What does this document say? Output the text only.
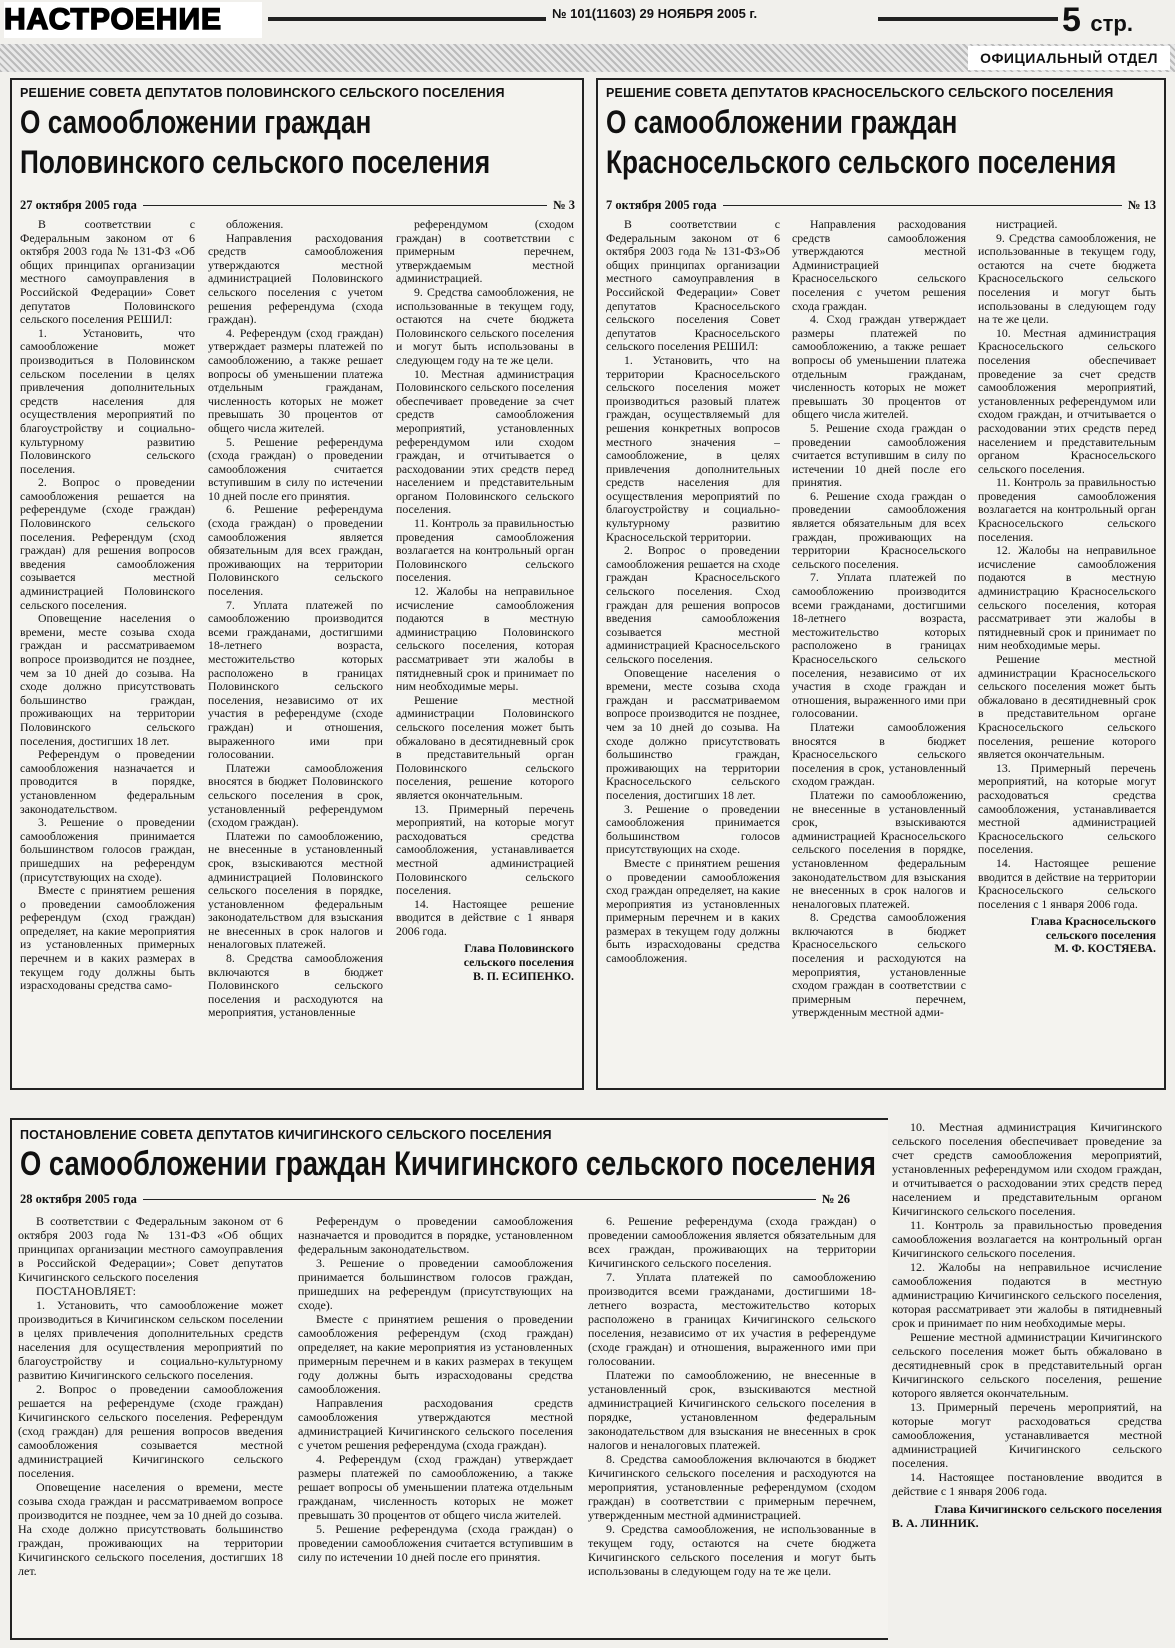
НАСТРОЕНИЕ	№ 101(11603) 29 НОЯБРЯ 2005 г.	5 стр.
ОФИЦИАЛЬНЫЙ ОТДЕЛ
РЕШЕНИЕ СОВЕТА ДЕПУТАТОВ ПОЛОВИНСКОГО СЕЛЬСКОГО ПОСЕЛЕНИЯ
О самообложении граждан
Половинского сельского поселения
27 октября 2005 года	№ 3

В соответствии с Федеральным законом от 6 октября 2003 года № 131-ФЗ «Об общих принципах организации местного самоуправления в Российской Федерации» Совет депутатов Половинского сельского поселения РЕШИЛ:

1. Установить, что самообложение может производиться в Половинском сельском поселении в целях привлечения дополнительных средств населения для осуществления мероприятий по благоустройству и социально-культурному развитию Половинского сельского поселения.

2. Вопрос о проведении самообложения решается на референдуме (сходе граждан) Половинского сельского поселения. Референдум (сход граждан) для решения вопросов введения самообложения созывается местной администрацией Половинского сельского поселения.

Оповещение населения о времени, месте созыва схода граждан и рассматриваемом вопросе производится не позднее, чем за 10 дней до созыва. На сходе должно присутствовать большинство граждан, проживающих на территории Половинского сельского поселения, достигших 18 лет.

Референдум о проведении самообложения назначается и проводится в порядке, установленном федеральным законодательством.

3. Решение о проведении самообложения принимается большинством голосов граждан, пришедших на референдум (присутствующих на сходе).

Вместе с принятием решения о проведении самообложения референдум (сход граждан) определяет, на какие мероприятия из установленных примерных перечнем и в каких размерах в текущем году должны быть израсходованы средства само-

обложения.

Направления расходования средств самообложения утверждаются местной администрацией Половинского сельского поселения с учетом решения референдума (схода граждан).

4. Референдум (сход граждан) утверждает размеры платежей по самообложению, а также решает вопросы об уменьшении платежа отдельным гражданам, численность которых не может превышать 30 процентов от общего числа жителей.

5. Решение референдума (схода граждан) о проведении самообложения считается вступившим в силу по истечении 10 дней после его принятия.

6. Решение референдума (схода граждан) о проведении самообложения является обязательным для всех граждан, проживающих на территории Половинского сельского поселения.

7. Уплата платежей по самообложению производится всеми гражданами, достигшими 18-летнего возраста, местожительство которых расположено в границах Половинского сельского поселения, независимо от их участия в референдуме (сходе граждан) и отношения, выраженного ими при голосовании.

Платежи самообложения вносятся в бюджет Половинского сельского поселения в срок, установленный референдумом (сходом граждан).

Платежи по самообложению, не внесенные в установленный срок, взыскиваются местной администрацией Половинского сельского поселения в порядке, установленном федеральным законодательством для взыскания не внесенных в срок налогов и неналоговых платежей.

8. Средства самообложения включаются в бюджет Половинского сельского поселения и расходуются на мероприятия, установленные

референдумом (сходом граждан) в соответствии с примерным перечнем, утверждаемым местной администрацией.

9. Средства самообложения, не использованные в текущем году, остаются на счете бюджета Половинского сельского поселения и могут быть использованы в следующем году на те же цели.

10. Местная администрация Половинского сельского поселения обеспечивает проведение за счет средств самообложения мероприятий, установленных референдумом или сходом граждан, и отчитывается о расходовании этих средств перед населением и представительным органом Половинского сельского поселения.

11. Контроль за правильностью проведения самообложения возлагается на контрольный орган Половинского сельского поселения.

12. Жалобы на неправильное исчисление самообложения подаются в местную администрацию Половинского сельского поселения, которая рассматривает эти жалобы в пятидневный срок и принимает по ним необходимые меры.

Решение местной администрации Половинского сельского поселения может быть обжаловано в десятидневный срок в представительный орган Половинского сельского поселения, решение которого является окончательным.

13. Примерный перечень мероприятий, на которые могут расходоваться средства самообложения, устанавливается местной администрацией Половинского сельского поселения.

14. Настоящее решение вводится в действие с 1 января 2006 года.

Глава Половинского

сельского поселения

В. П. ЕСИПЕНКО.

РЕШЕНИЕ СОВЕТА ДЕПУТАТОВ КРАСНОСЕЛЬСКОГО СЕЛЬСКОГО ПОСЕЛЕНИЯ
О самообложении граждан
Красносельского сельского поселения
7 октября 2005 года	№ 13

В соответствии с Федеральным законом от 6 октября 2003 года № 131-ФЗ»Об общих принципах организации местного самоуправления в Российской Федерации» Совет депутатов Красносельского сельского поселения Совет депутатов Красносельского сельского поселения РЕШИЛ:

1. Установить, что на территории Красносельского сельского поселения может производиться разовый платеж граждан, осуществляемый для решения конкретных вопросов местного значения – самообложение, в целях привлечения дополнительных средств населения для осуществления мероприятий по благоустройству и социально-культурному развитию Красносельской территории.

2. Вопрос о проведении самообложения решается на сходе граждан Красносельского сельского поселения. Сход граждан для решения вопросов введения самообложения созывается местной администрацией Красносельского сельского поселения.

Оповещение населения о времени, месте созыва схода граждан и рассматриваемом вопросе производится не позднее, чем за 10 дней до созыва. На сходе должно присутствовать большинство граждан, проживающих на территории Красносельского сельского поселения, достигших 18 лет.

3. Решение о проведении самообложения принимается большинством голосов присутствующих на сходе.

Вместе с принятием решения о проведении самообложения сход граждан определяет, на какие мероприятия из установленных примерным перечнем и в каких размерах в текущем году должны быть израсходованы средства самообложения.

Направления расходования средств самообложения утверждаются местной Администрацией Красносельского сельского поселения с учетом решения схода граждан.

4. Сход граждан утверждает размеры платежей по самообложению, а также решает вопросы об уменьшении платежа отдельным гражданам, численность которых не может превышать 30 процентов от общего числа жителей.

5. Решение схода граждан о проведении самообложения считается вступившим в силу по истечении 10 дней после его принятия.

6. Решение схода граждан о проведении самообложения является обязательным для всех граждан, проживающих на территории Красносельского сельского поселения.

7. Уплата платежей по самообложению производится всеми гражданами, достигшими 18-летнего возраста, местожительство которых расположено в границах Красносельского сельского поселения, независимо от их участия в сходе граждан и отношения, выраженного ими при голосовании.

Платежи самообложения вносятся в бюджет Красносельского сельского поселения в срок, установленный сходом граждан.

Платежи по самообложению, не внесенные в установленный срок, взыскиваются администрацией Красносельского сельского поселения в порядке, установленном федеральным законодательством для взыскания не внесенных в срок налогов и неналоговых платежей.

8. Средства самообложения включаются в бюджет Красносельского сельского поселения и расходуются на мероприятия, установленные сходом граждан в соответствии с примерным перечнем, утвержденным местной адми-

нистрацией.

9. Средства самообложения, не использованные в текущем году, остаются на счете бюджета Красносельского сельского поселения и могут быть использованы в следующем году на те же цели.

10. Местная администрация Красносельского сельского поселения обеспечивает проведение за счет средств самообложения мероприятий, установленных референдумом или сходом граждан, и отчитывается о расходовании этих средств перед населением и представительным органом Красносельского сельского поселения.

11. Контроль за правильностью проведения самообложения возлагается на контрольный орган Красносельского сельского поселения.

12. Жалобы на неправильное исчисление самообложения подаются в местную администрацию Красносельского сельского поселения, которая рассматривает эти жалобы в пятидневный срок и принимает по ним необходимые меры.

Решение местной администрации Красносельского сельского поселения может быть обжаловано в десятидневный срок в представительном органе Красносельского сельского поселения, решение которого является окончательным.

13. Примерный перечень мероприятий, на которые могут расходоваться средства самообложения, устанавливается местной администрацией Красносельского сельского поселения.

14. Настоящее решение вводится в действие на территории Красносельского сельского поселения с 1 января 2006 года.

Глава Красносельского

сельского поселения

М. Ф. КОСТЯЕВА.

ПОСТАНОВЛЕНИЕ СОВЕТА ДЕПУТАТОВ КИЧИГИНСКОГО СЕЛЬСКОГО ПОСЕЛЕНИЯ
О самообложении граждан Кичигинского сельского поселения
28 октября 2005 года	№ 26

В соответствии с Федеральным законом от 6 октября 2003 года № 131-ФЗ «Об общих принципах организации местного самоуправления в Российской Федерации»; Совет депутатов Кичигинского сельского поселения

ПОСТАНОВЛЯЕТ:

1. Установить, что самообложение может производиться в Кичигинском сельском поселении в целях привлечения дополнительных средств населения для осуществления мероприятий по благоустройству и социально-культурному развитию Кичигинского сельского поселения.

2. Вопрос о проведении самообложения решается на референдуме (сходе граждан) Кичигинского сельского поселения. Референдум (сход граждан) для решения вопросов введения самообложения созывается местной администрацией Кичигинского сельского поселения.

Оповещение населения о времени, месте созыва схода граждан и рассматриваемом вопросе производится не позднее, чем за 10 дней до созыва. На сходе должно присутствовать большинство граждан, проживающих на территории Кичигинского сельского поселения, достигших 18 лет.

Референдум о проведении самообложения назначается и проводится в порядке, установленном федеральным законодательством.

3. Решение о проведении самообложения принимается большинством голосов граждан, пришедших на референдум (присутствующих на сходе).

Вместе с принятием решения о проведении самообложения референдум (сход граждан) определяет, на какие мероприятия из установленных примерным перечнем и в каких размерах в текущем году должны быть израсходованы средства самообложения.

Направления расходования средств самообложения утверждаются местной администрацией Кичигинского сельского поселения с учетом решения референдума (схода граждан).

4. Референдум (сход граждан) утверждает размеры платежей по самообложению, а также решает вопросы об уменьшении платежа отдельным гражданам, численность которых не может превышать 30 процентов от общего числа жителей.

5. Решение референдума (схода граждан) о проведении самообложения считается вступившим в силу по истечении 10 дней после его принятия.

6. Решение референдума (схода граждан) о проведении самообложения является обязательным для всех граждан, проживающих на территории Кичигинского сельского поселения.

7. Уплата платежей по самообложению производится всеми гражданами, достигшими 18-летнего возраста, местожительство которых расположено в границах Кичигинского сельского поселения, независимо от их участия в референдуме (сходе граждан) и отношения, выраженного ими при голосовании.

Платежи по самообложению, не внесенные в установленный срок, взыскиваются местной администрацией Кичигинского сельского поселения в порядке, установленном федеральным законодательством для взыскания не внесенных в срок налогов и неналоговых платежей.

8. Средства самообложения включаются в бюджет Кичигинского сельского поселения и расходуются на мероприятия, установленные референдумом (сходом граждан) в соответствии с примерным перечнем, утвержденным местной администрацией.

9. Средства самообложения, не использованные в текущем году, остаются на счете бюджета Кичигинского сельского поселения и могут быть использованы в следующем году на те же цели.

10. Местная администрация Кичигинского сельского поселения обеспечивает проведение за счет средств самообложения мероприятий, установленных референдумом или сходом граждан, и отчитывается о расходовании этих средств перед населением и представительным органом Кичигинского сельского поселения.

11. Контроль за правильностью проведения самообложения возлагается на контрольный орган Кичигинского сельского поселения.

12. Жалобы на неправильное исчисление самообложения подаются в местную администрацию Кичигинского сельского поселения, которая рассматривает эти жалобы в пятидневный срок и принимает по ним необходимые меры.

Решение местной администрации Кичигинского сельского поселения может быть обжаловано в десятидневный срок в представительный орган Кичигинского сельского поселения, решение которого является окончательным.

13. Примерный перечень мероприятий, на которые могут расходоваться средства самообложения, устанавливается местной администрацией Кичигинского сельского поселения.

14. Настоящее постановление вводится в действие с 1 января 2006 года.

Глава Кичигинского сельского поселения

В. А. ЛИННИК.
